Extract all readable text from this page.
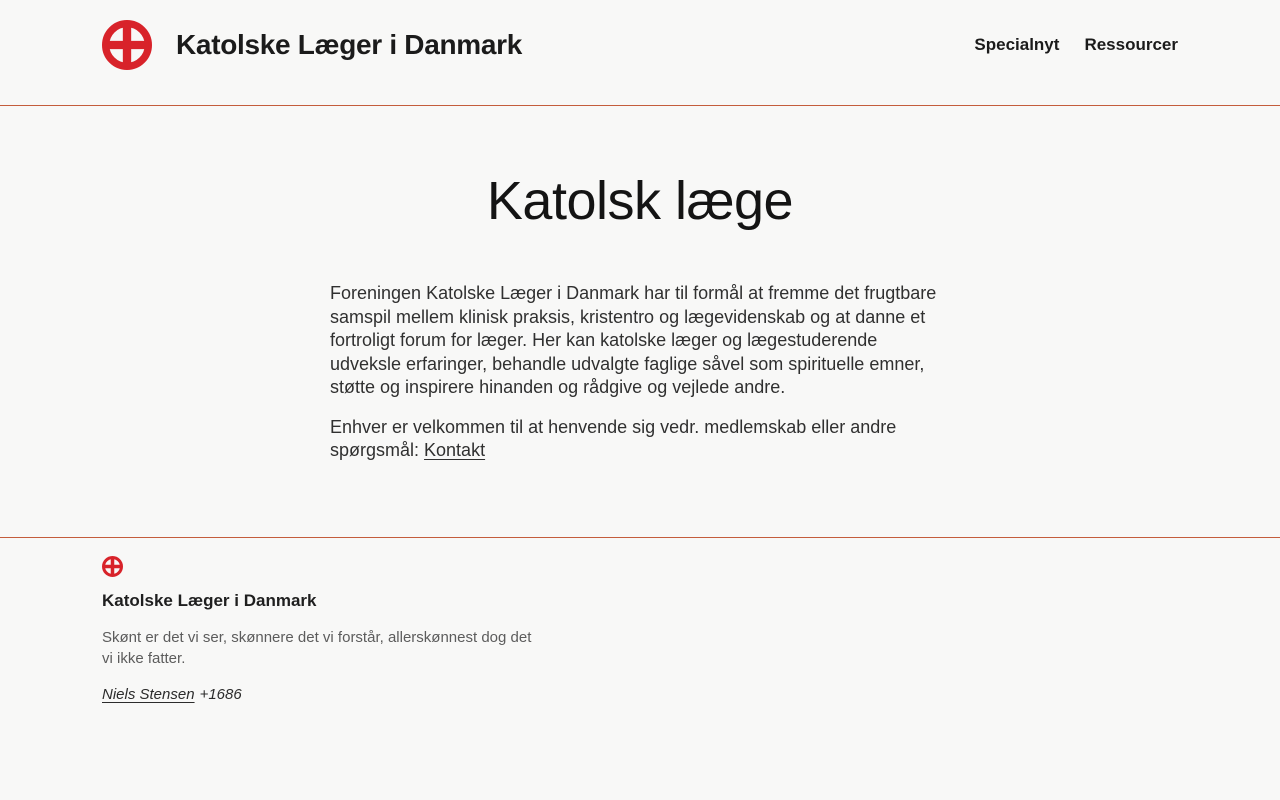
Katolske Læger i Danmark	Specialnyt Ressourcer
Katolsk læge

Foreningen Katolske Læger i Danmark har til formål at fremme det frugtbare samspil mellem klinisk praksis, kristentro og lægevidenskab og at danne et fortroligt forum for læger. Her kan katolske læger og lægestuderende udveksle erfaringer, behandle udvalgte faglige såvel som spirituelle emner, støtte og inspirere hinanden og rådgive og vejlede andre.

Enhver er velkommen til at henvende sig vedr. medlemskab eller andre spørgsmål: Kontakt

Katolske Læger i Danmark
Skønt er det vi ser, skønnere det vi forstår, allerskønnest dog det vi ikke fatter.
Niels Stensen +1686
